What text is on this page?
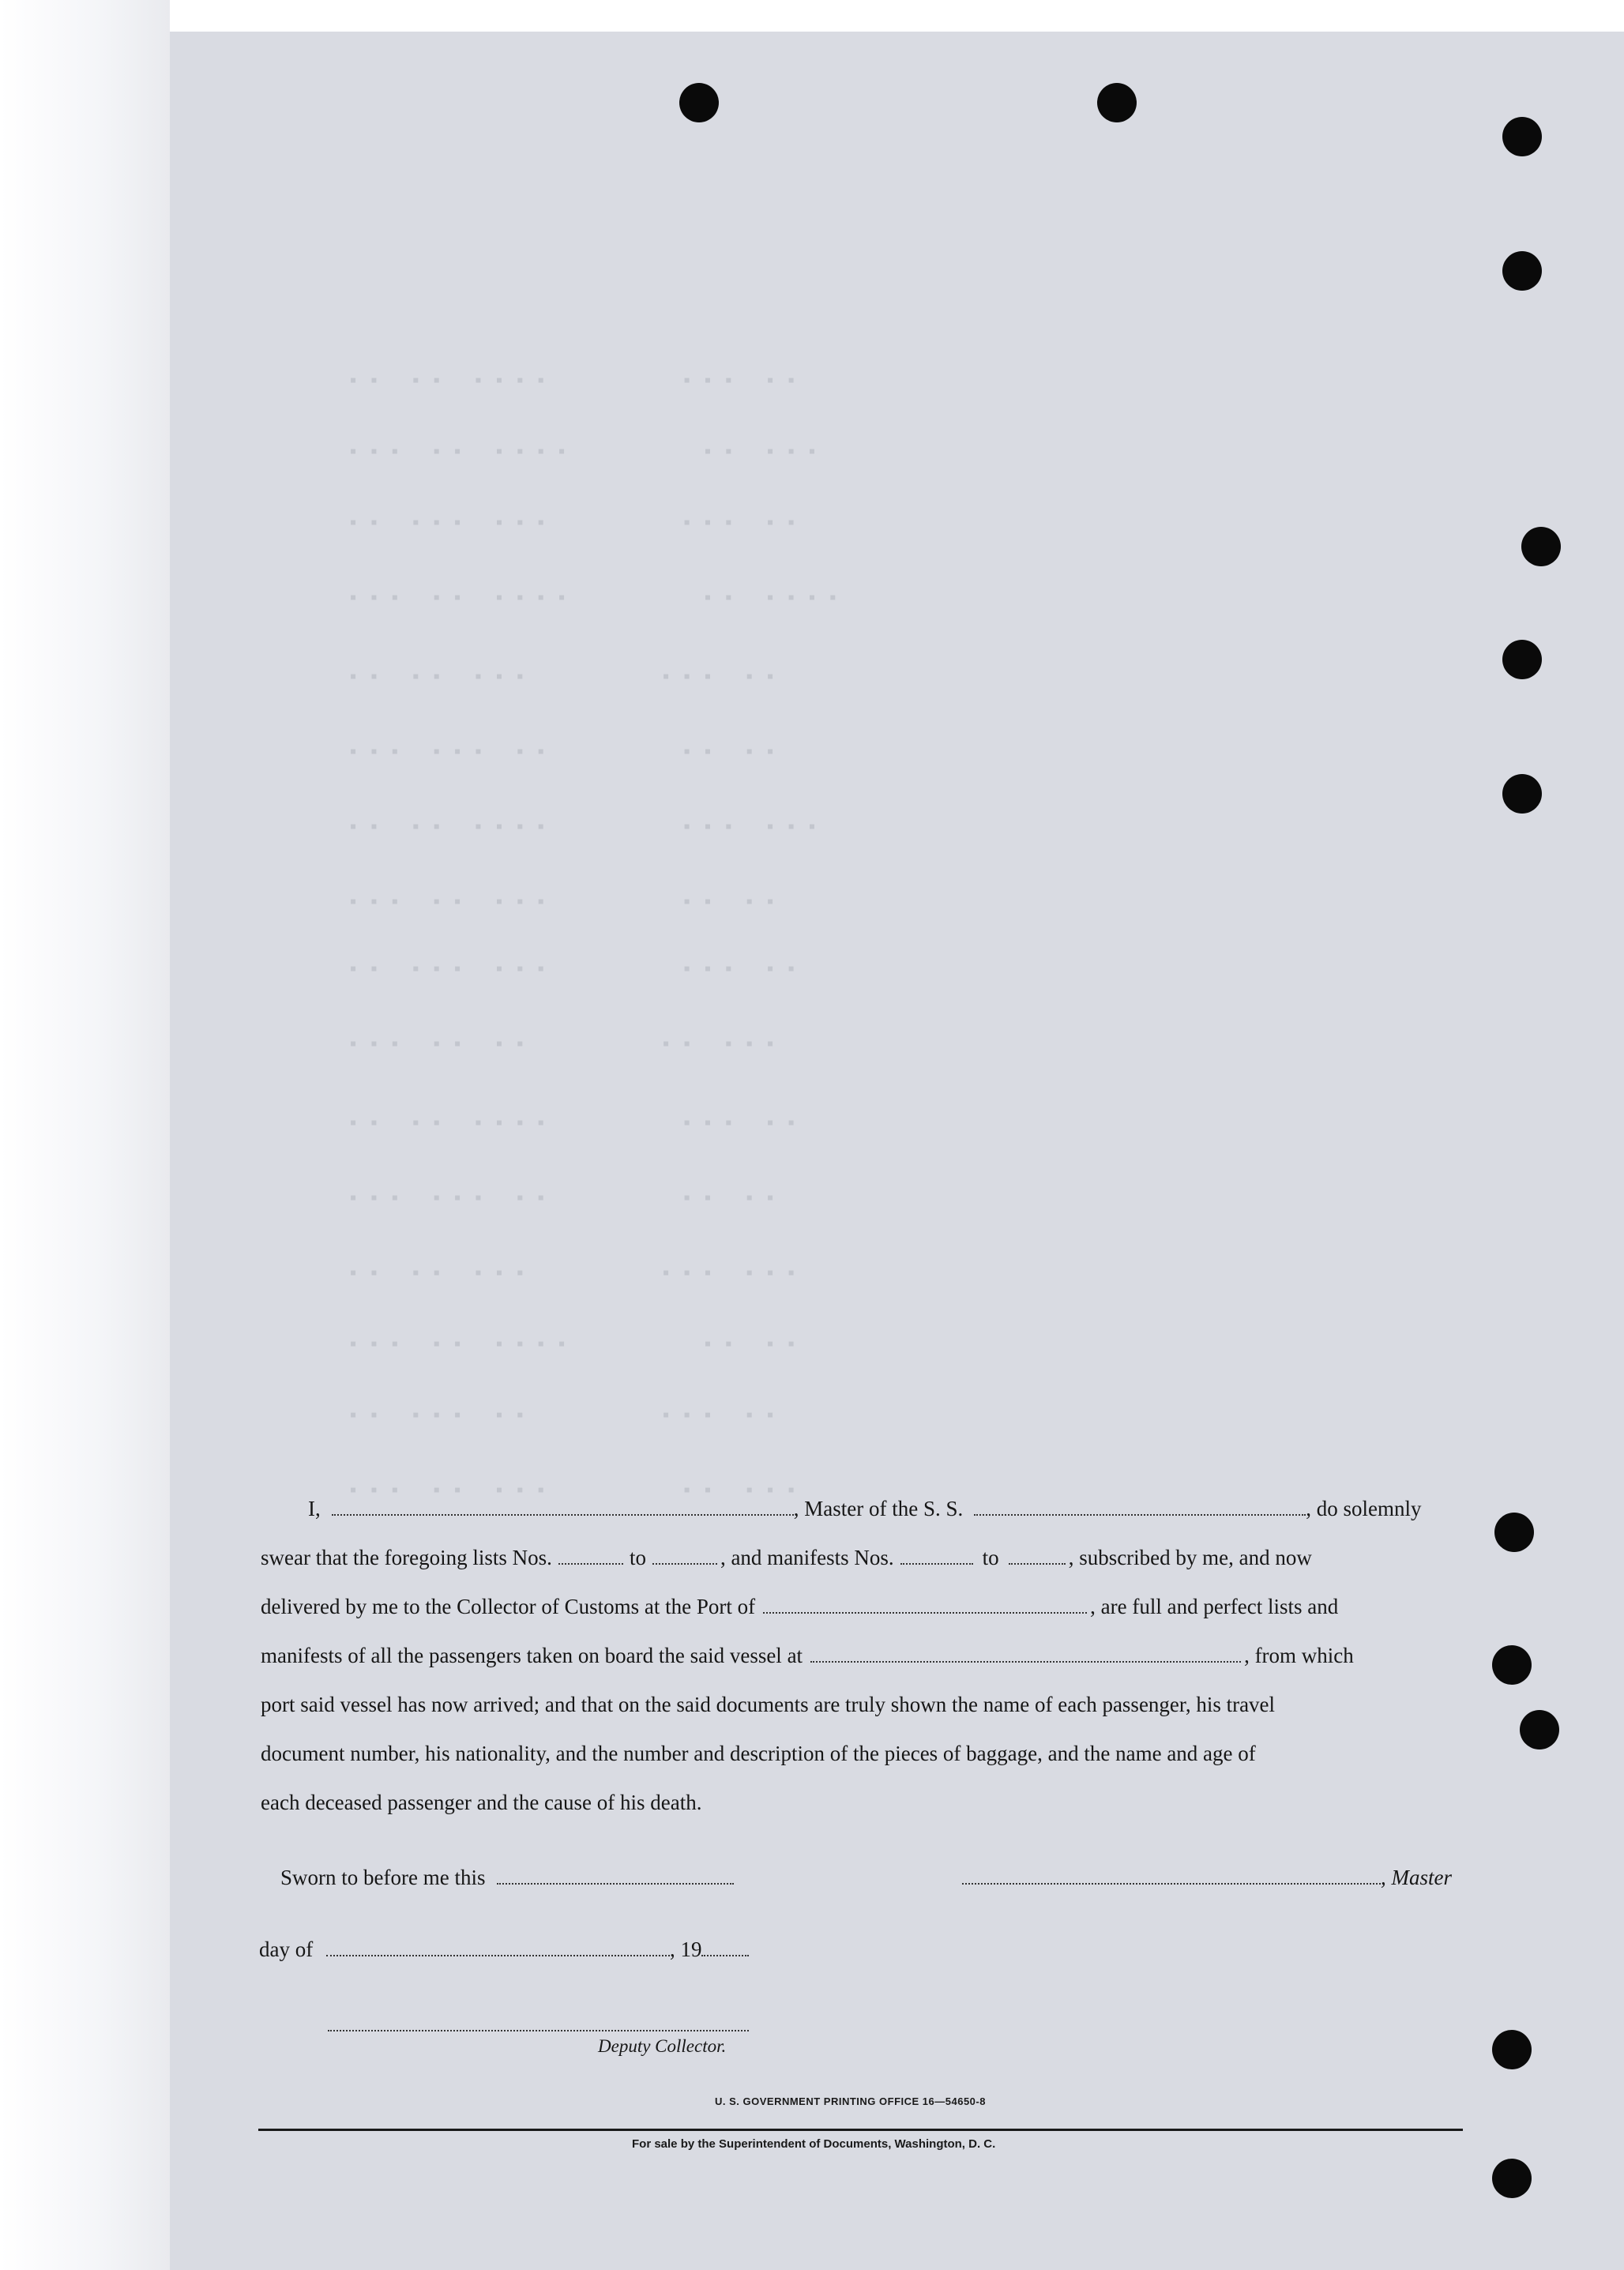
▪▪ ▪▪ ▪▪▪▪      ▪▪▪ ▪▪
▪▪▪ ▪▪ ▪▪▪▪      ▪▪ ▪▪▪
▪▪ ▪▪▪ ▪▪▪      ▪▪▪ ▪▪
▪▪▪ ▪▪ ▪▪▪▪      ▪▪ ▪▪▪▪
▪▪ ▪▪ ▪▪▪      ▪▪▪ ▪▪
▪▪▪ ▪▪▪ ▪▪      ▪▪ ▪▪
▪▪ ▪▪ ▪▪▪▪      ▪▪▪ ▪▪▪
▪▪▪ ▪▪ ▪▪▪      ▪▪ ▪▪
▪▪ ▪▪▪ ▪▪▪      ▪▪▪ ▪▪
▪▪▪ ▪▪ ▪▪      ▪▪ ▪▪▪
▪▪ ▪▪ ▪▪▪▪      ▪▪▪ ▪▪
▪▪▪ ▪▪▪ ▪▪      ▪▪ ▪▪
▪▪ ▪▪ ▪▪▪      ▪▪▪ ▪▪▪
▪▪▪ ▪▪ ▪▪▪▪      ▪▪ ▪▪
▪▪ ▪▪▪ ▪▪      ▪▪▪ ▪▪
▪▪▪ ▪▪ ▪▪▪      ▪▪ ▪▪▪
I,	, Master of the S. S.	, do solemnly
swear that the foregoing lists Nos.	to	, and manifests Nos.	to	, subscribed by me, and now
delivered by me to the Collector of Customs at the Port of	, are full and perfect lists and
manifests of all the passengers taken on board the said vessel at	, from which
port said vessel has now arrived; and that on the said documents are truly shown the name of each passenger, his travel
document number, his nationality, and the number and description of the pieces of baggage, and the name and age of
each deceased passenger and the cause of his death.
Sworn to before me this	, Master
day of	, 19
Deputy Collector.
U. S. GOVERNMENT PRINTING OFFICE 16—54650-8
For sale by the Superintendent of Documents, Washington, D. C.
